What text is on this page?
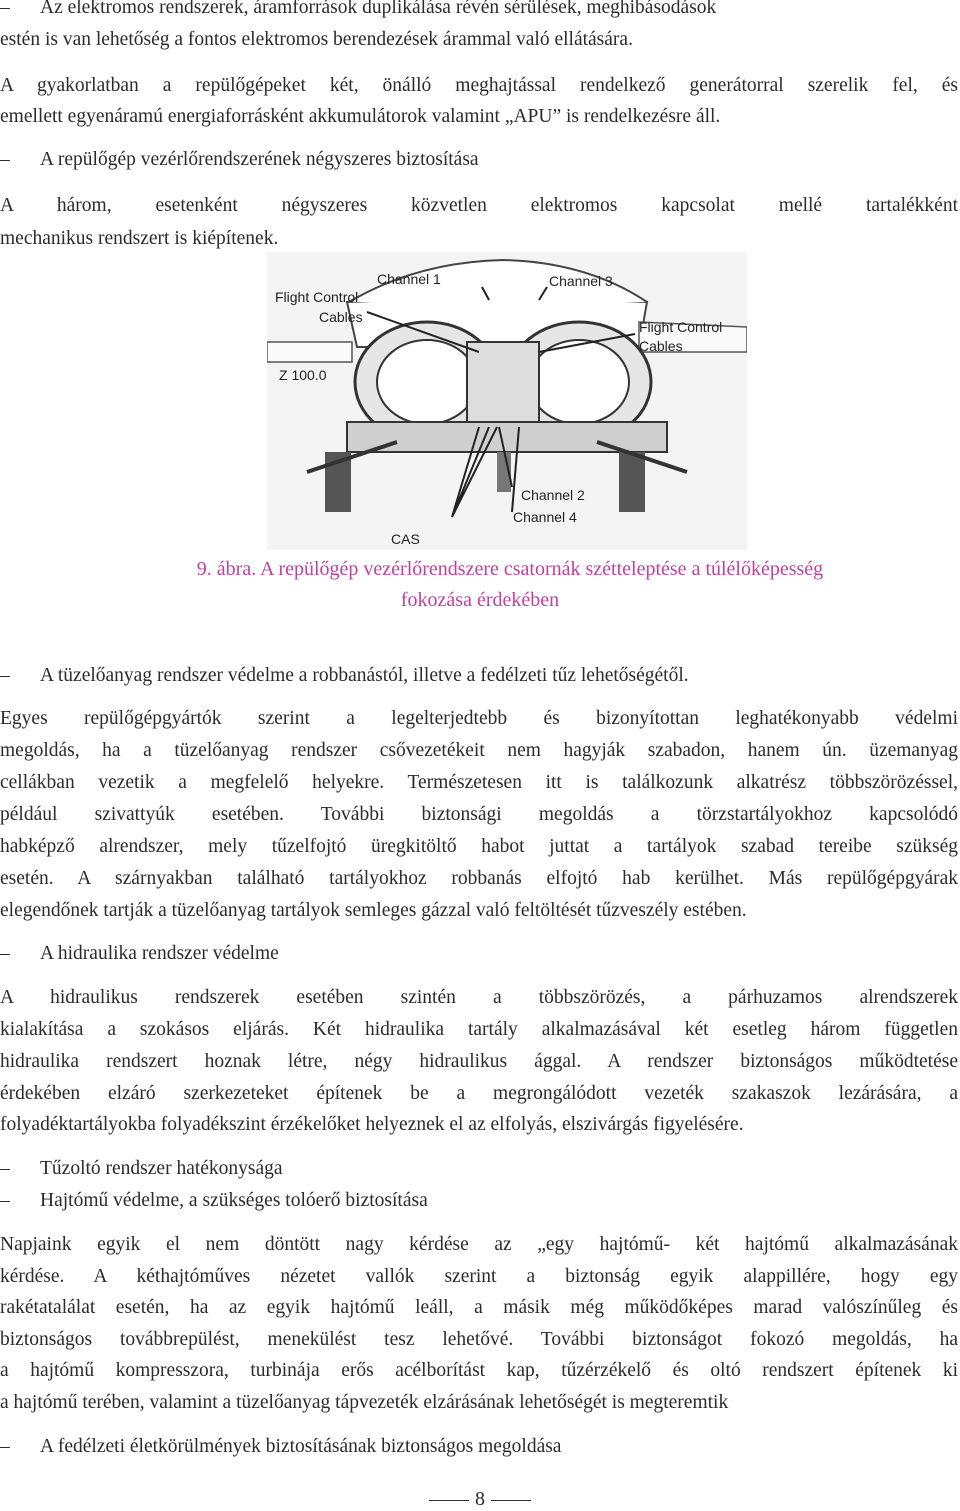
– Az elektromos rendszerek, áramforrások duplikálása révén sérülések, meghibásodások
estén is van lehetőség a fontos elektromos berendezések árammal való ellátására.
A gyakorlatban a repülőgépeket két, önálló meghajtással rendelkező generátorral szerelik fel, és
emellett egyenáramú energiaforrásként akkumulátorok valamint „APU” is rendelkezésre áll.
– A repülőgép vezérlőrendszerének négyszeres biztosítása
A három, esetenként négyszeres közvetlen elektromos kapcsolat mellé tartalékként
mechanikus rendszert is kiépítenek.
Channel 1	Channel 3
Flight Control
Cables
Flight Control
Cables
Z 100.0
Channel 2
Channel 4
CAS
9. ábra. A repülőgép vezérlőrendszere csatornák szétteleptése a túlélőképesség
fokozása érdekében
– A tüzelőanyag rendszer védelme a robbanástól, illetve a fedélzeti tűz lehetőségétől.
Egyes repülőgépgyártók szerint a legelterjedtebb és bizonyítottan leghatékonyabb védelmi
megoldás, ha a tüzelőanyag rendszer csővezetékeit nem hagyják szabadon, hanem ún. üzemanyag
cellákban vezetik a megfelelő helyekre. Természetesen itt is találkozunk alkatrész többszörözéssel,
például szivattyúk esetében. További biztonsági megoldás a törzstartályokhoz kapcsolódó
habképző alrendszer, mely tűzelfojtó üregkitöltő habot juttat a tartályok szabad tereibe szükség
esetén. A szárnyakban található tartályokhoz robbanás elfojtó hab kerülhet. Más repülőgépgyárak
elegendőnek tartják a tüzelőanyag tartályok semleges gázzal való feltöltését tűzveszély estében.
– A hidraulika rendszer védelme
A hidraulikus rendszerek esetében szintén a többszörözés, a párhuzamos alrendszerek
kialakítása a szokásos eljárás. Két hidraulika tartály alkalmazásával két esetleg három független
hidraulika rendszert hoznak létre, négy hidraulikus ággal. A rendszer biztonságos működtetése
érdekében elzáró szerkezeteket építenek be a megrongálódott vezeték szakaszok lezárására, a
folyadéktartályokba folyadékszint érzékelőket helyeznek el az elfolyás, elszivárgás figyelésére.
– Tűzoltó rendszer hatékonysága
– Hajtómű védelme, a szükséges tolóerő biztosítása
Napjaink egyik el nem döntött nagy kérdése az „egy hajtómű- két hajtómű alkalmazásának
kérdése. A kéthajtóműves nézetet vallók szerint a biztonság egyik alappillére, hogy egy
rakétatalálat esetén, ha az egyik hajtómű leáll, a másik még működőképes marad valószínűleg és
biztonságos továbbrepülést, menekülést tesz lehetővé. További biztonságot fokozó megoldás, ha
a hajtómű kompresszora, turbinája erős acélborítást kap, tűzérzékelő és oltó rendszert építenek ki
a hajtómű terében, valamint a tüzelőanyag tápvezeték elzárásának lehetőségét is megteremtik
– A fedélzeti életkörülmények biztosításának biztonságos megoldása
8
